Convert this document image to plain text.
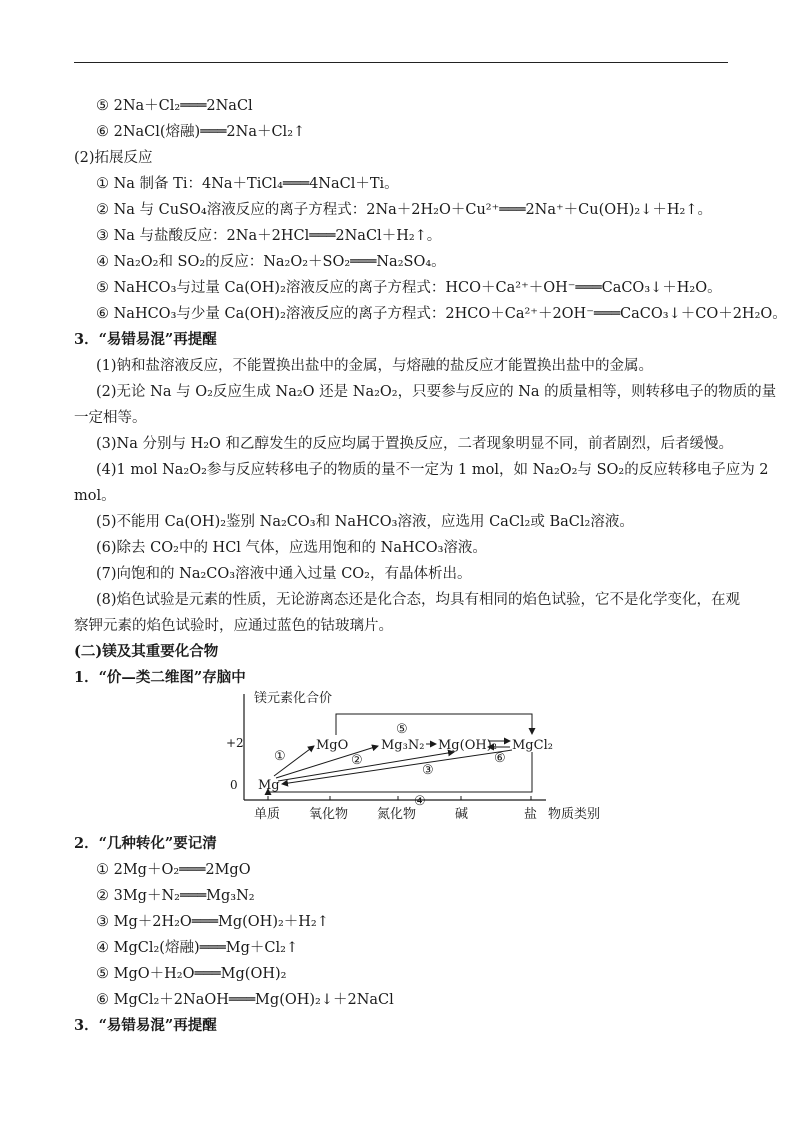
⑤ 2Na＋Cl₂═══2NaCl
⑥ 2NaCl(熔融)═══2Na＋Cl₂↑
(2)拓展反应
① Na 制备 Ti：4Na＋TiCl₄═══4NaCl＋Ti。
② Na 与 CuSO₄溶液反应的离子方程式：2Na＋2H₂O＋Cu²⁺═══2Na⁺＋Cu(OH)₂↓＋H₂↑。
③ Na 与盐酸反应：2Na＋2HCl═══2NaCl＋H₂↑。
④ Na₂O₂和 SO₂的反应：Na₂O₂＋SO₂═══Na₂SO₄。
⑤ NaHCO₃与过量 Ca(OH)₂溶液反应的离子方程式：HCO＋Ca²⁺＋OH⁻═══CaCO₃↓＋H₂O。
⑥ NaHCO₃与少量 Ca(OH)₂溶液反应的离子方程式：2HCO＋Ca²⁺＋2OH⁻═══CaCO₃↓＋CO＋2H₂O。
3．“易错易混”再提醒
(1)钠和盐溶液反应，不能置换出盐中的金属，与熔融的盐反应才能置换出盐中的金属。
(2)无论 Na 与 O₂反应生成 Na₂O 还是 Na₂O₂，只要参与反应的 Na 的质量相等，则转移电子的物质的量
一定相等。
(3)Na 分别与 H₂O 和乙醇发生的反应均属于置换反应，二者现象明显不同，前者剧烈，后者缓慢。
(4)1 mol Na₂O₂参与反应转移电子的物质的量不一定为 1 mol，如 Na₂O₂与 SO₂的反应转移电子应为 2
mol。
(5)不能用 Ca(OH)₂鉴别 Na₂CO₃和 NaHCO₃溶液，应选用 CaCl₂或 BaCl₂溶液。
(6)除去 CO₂中的 HCl 气体，应选用饱和的 NaHCO₃溶液。
(7)向饱和的 Na₂CO₃溶液中通入过量 CO₂，有晶体析出。
(8)焰色试验是元素的性质，无论游离态还是化合态，均具有相同的焰色试验，它不是化学变化，在观
察钾元素的焰色试验时，应通过蓝色的钴玻璃片。
(二)镁及其重要化合物
1．“价—类二维图”存脑中
镁元素化合价
+2
0
单质 氧化物 氮化物	碱	盐 物质类别
Mg
MgO	Mg₃N₂ Mg(OH)₂ MgCl₂
①	②
③
④
⑤
⑥
2．“几种转化”要记清
① 2Mg＋O₂═══2MgO
② 3Mg＋N₂═══Mg₃N₂
③ Mg＋2H₂O═══Mg(OH)₂＋H₂↑
④ MgCl₂(熔融)═══Mg＋Cl₂↑
⑤ MgO＋H₂O═══Mg(OH)₂
⑥ MgCl₂＋2NaOH═══Mg(OH)₂↓＋2NaCl
3．“易错易混”再提醒
